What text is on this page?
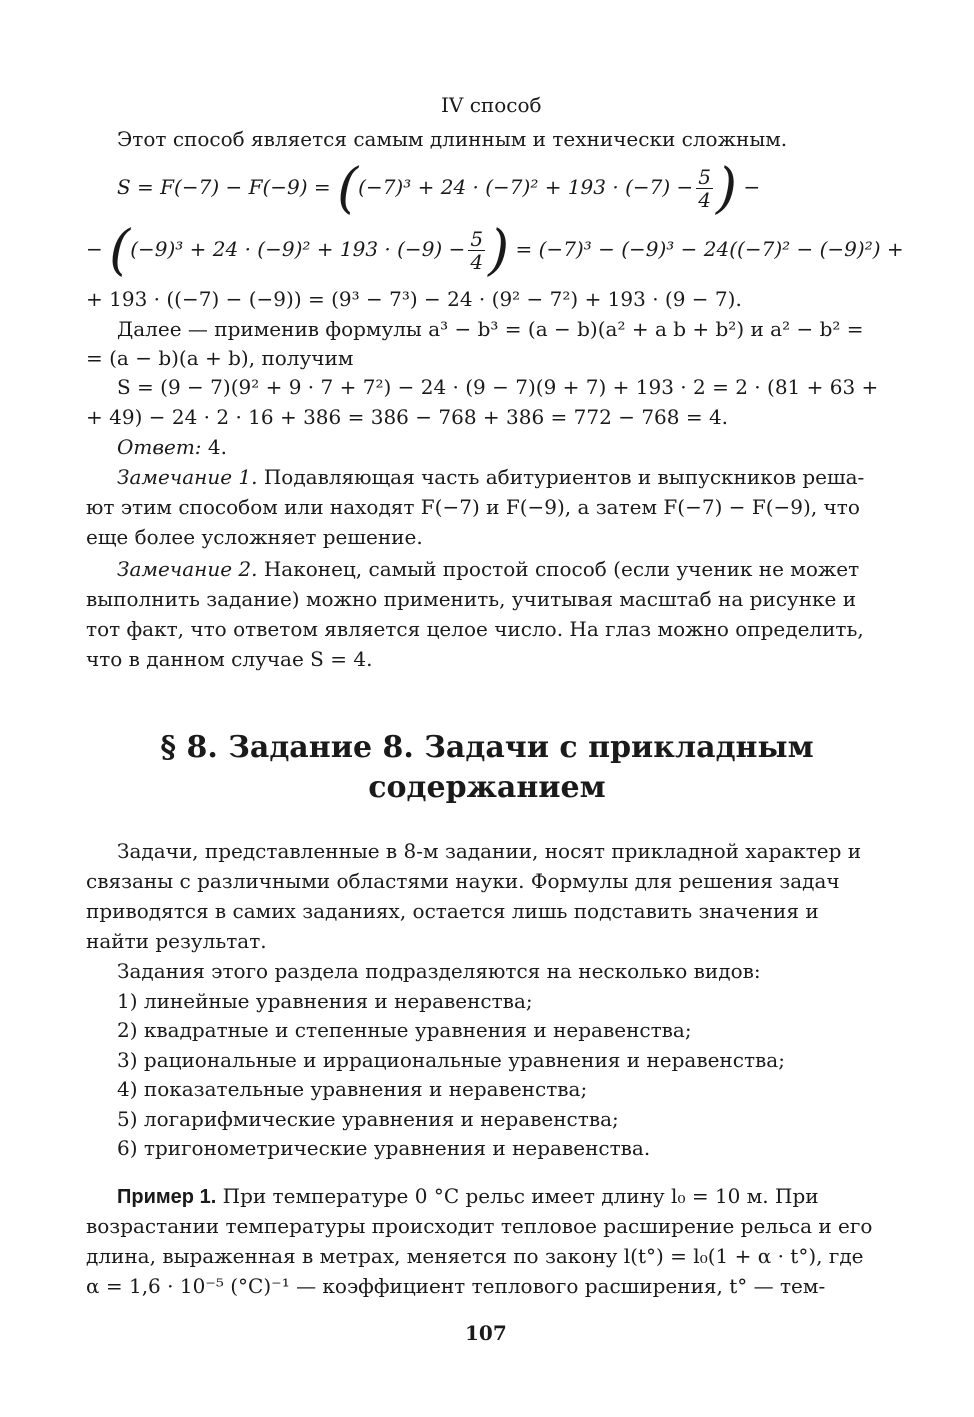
IV способ
Этот способ является самым длинным и технически сложным.
$S = F(-7) - F(-9) = ((-7)^3 + 24 \cdot (-7)^2 + 193 \cdot (-7) - \frac{5}{4}$ ) −
− ($(-9)^3 + 24 \cdot (-9)^2 + 193 \cdot (-9) - \frac{5}{4}$ ) = (−7)³ − (−9)³ − 24((−7)² − (−9)²) +
+ 193 · ((−7) − (−9)) = (9³ − 7³) − 24 · (9² − 7²) + 193 · (9 − 7).
Далее — применив формулы a³ − b³ = (a − b)(a² + a b + b²) и a² − b² =
= (a − b)(a + b), получим
S = (9 − 7)(9² + 9 · 7 + 7²) − 24 · (9 − 7)(9 + 7) + 193 · 2 = 2 · (81 + 63 +
+ 49) − 24 · 2 · 16 + 386 = 386 − 768 + 386 = 772 − 768 = 4.
Ответ: 4.
Замечание 1. Подавляющая часть абитуриентов и выпускников реша-
ют этим способом или находят F(−7) и F(−9), а затем F(−7) − F(−9), что
еще более усложняет решение.
Замечание 2. Наконец, самый простой способ (если ученик не может
выполнить задание) можно применить, учитывая масштаб на рисунке и
тот факт, что ответом является целое число. На глаз можно определить,
что в данном случае S = 4.
§ 8. Задание 8. Задачи с прикладным
содержанием
Задачи, представленные в 8-м задании, носят прикладной характер и
связаны с различными областями науки. Формулы для решения задач
приводятся в самих заданиях, остается лишь подставить значения и
найти результат.
Задания этого раздела подразделяются на несколько видов:
1) линейные уравнения и неравенства;
2) квадратные и степенные уравнения и неравенства;
3) рациональные и иррациональные уравнения и неравенства;
4) показательные уравнения и неравенства;
5) логарифмические уравнения и неравенства;
6) тригонометрические уравнения и неравенства.
Пример 1. При температуре 0 °C рельс имеет длину l₀ = 10 м. При
возрастании температуры происходит тепловое расширение рельса и его
длина, выраженная в метрах, меняется по закону l(t°) = l₀(1 + α · t°), где
α = 1,6 · 10⁻⁵ (°C)⁻¹ — коэффициент теплового расширения, t° — тем-
107
